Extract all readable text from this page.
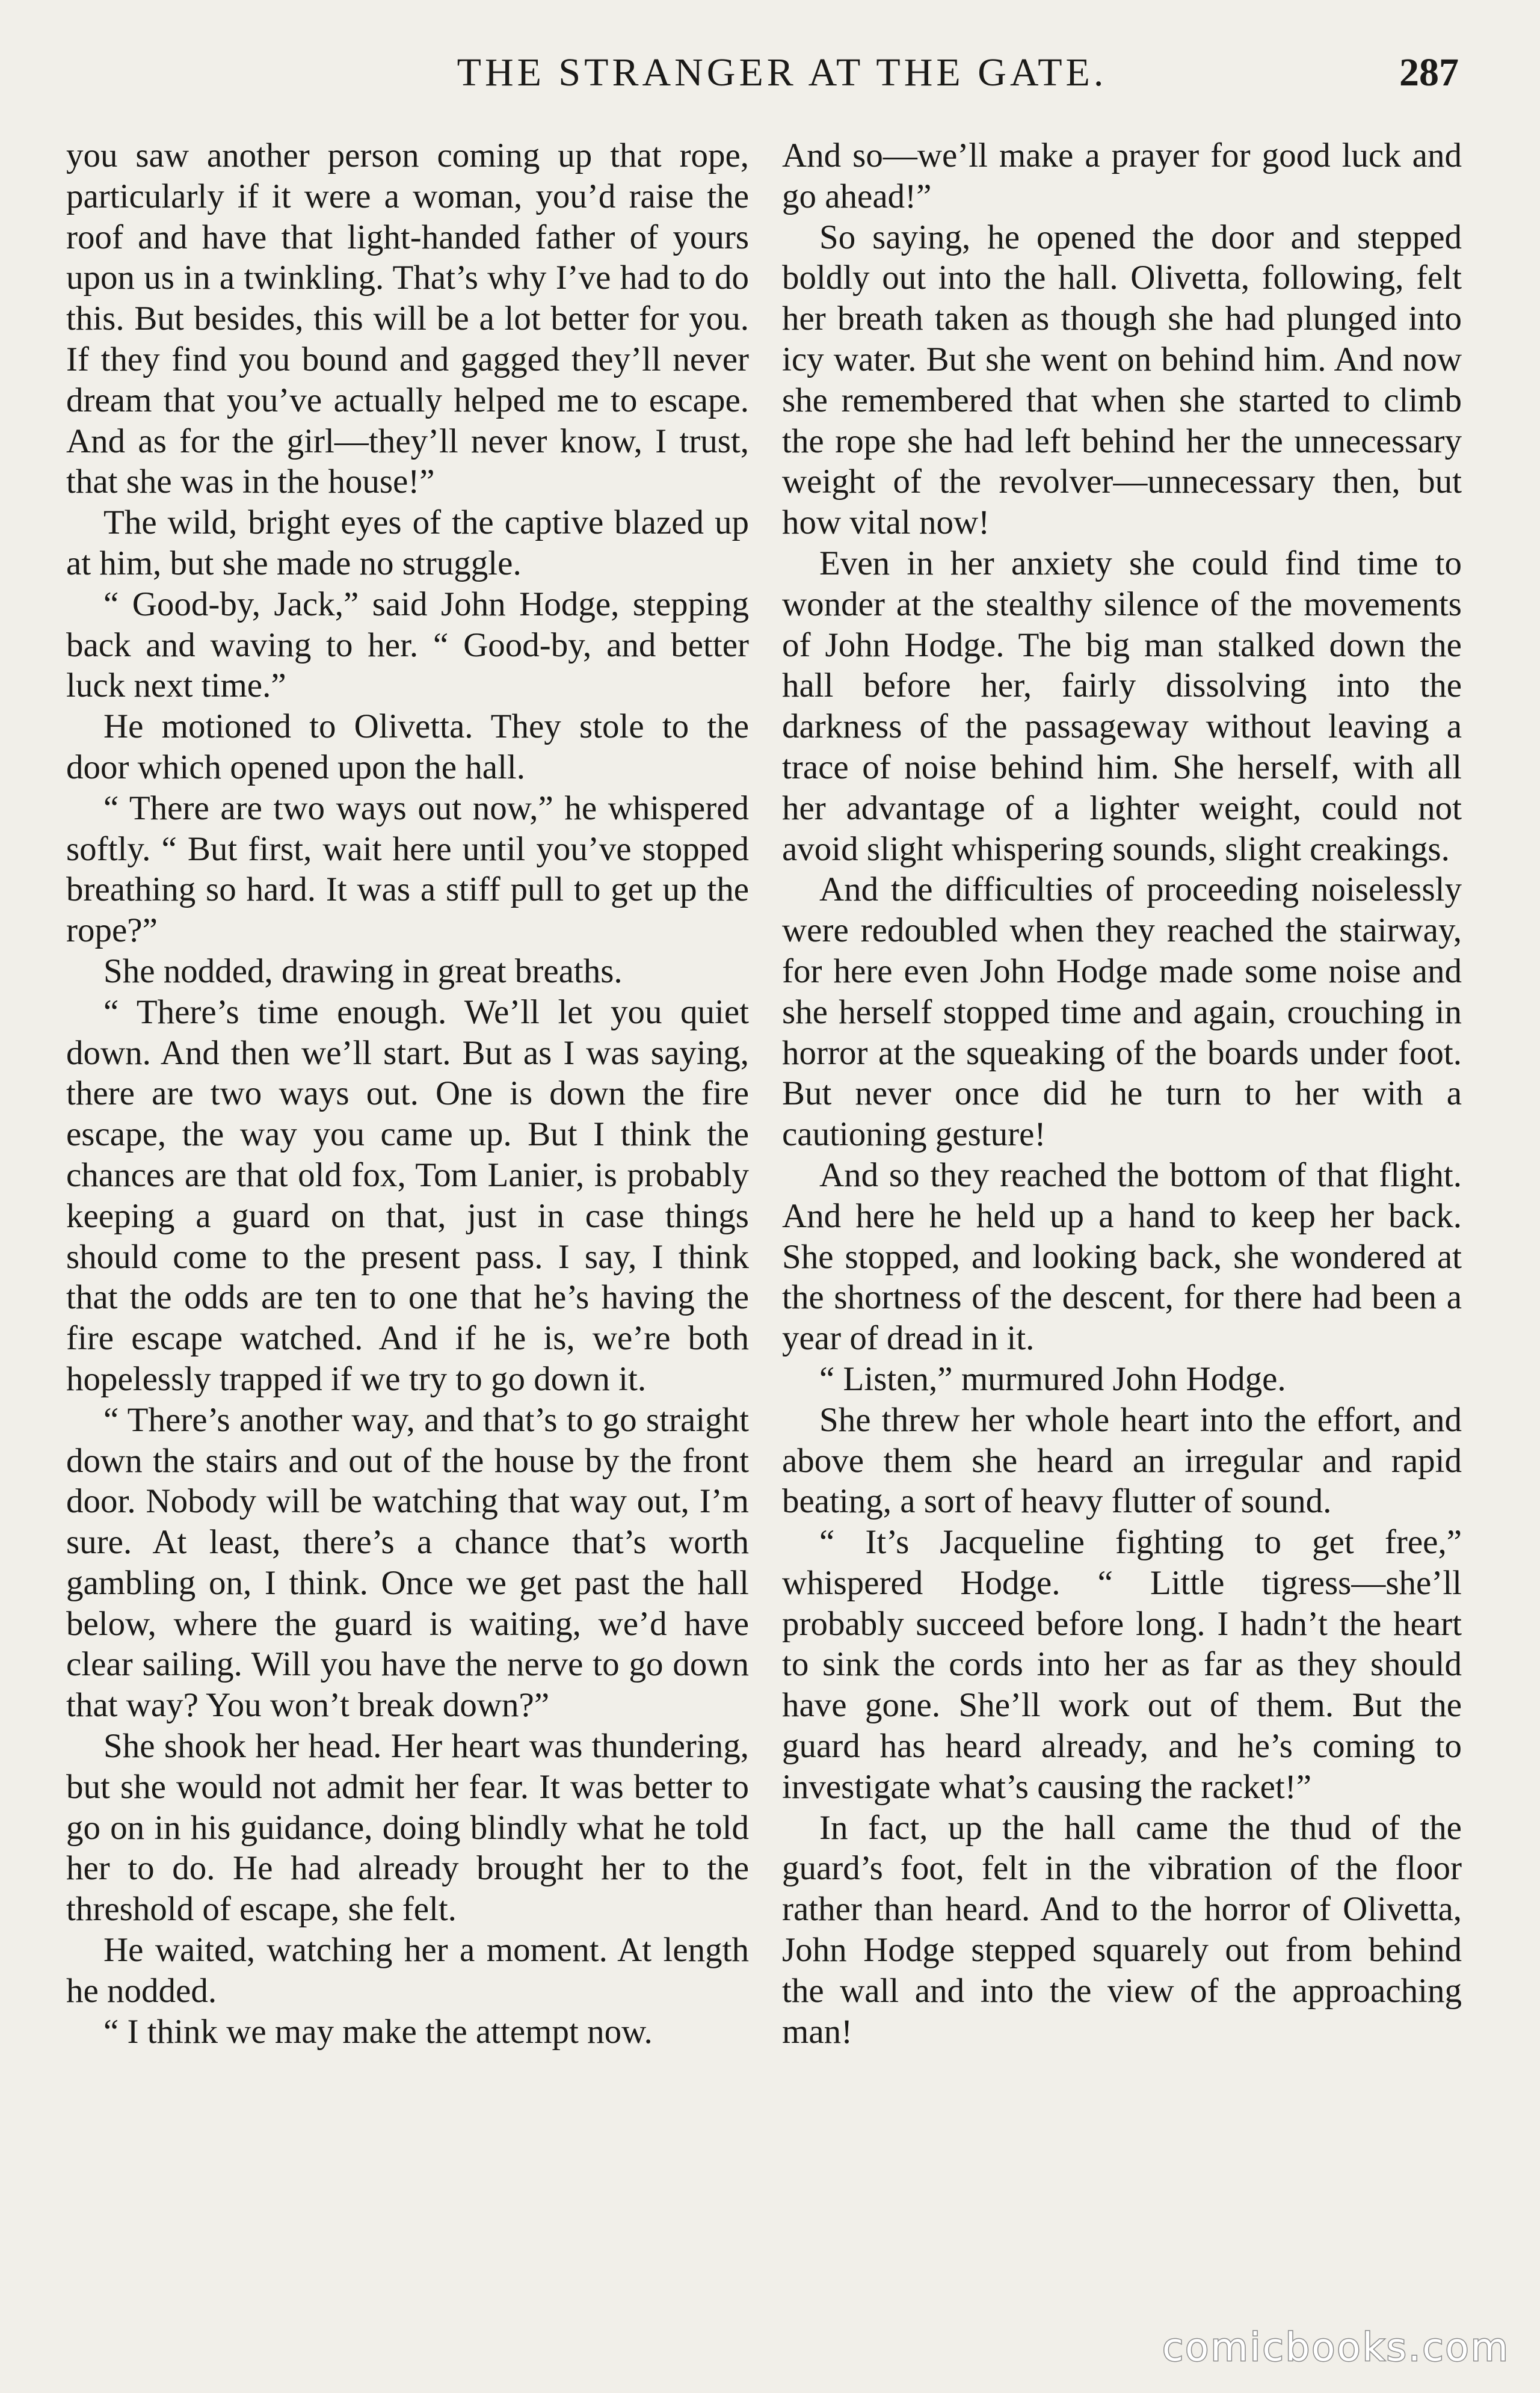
THE STRANGER AT THE GATE.	287

you saw another person coming up that rope, particularly if it were a woman, you’d raise the roof and have that light-handed father of yours upon us in a twinkling. That’s why I’ve had to do this. But besides, this will be a lot better for you. If they find you bound and gagged they’ll never dream that you’ve actually helped me to escape. And as for the girl—they’ll never know, I trust, that she was in the house!”

The wild, bright eyes of the captive blazed up at him, but she made no struggle.

“ Good-by, Jack,” said John Hodge, stepping back and waving to her. “ Good-by, and better luck next time.”

He motioned to Olivetta. They stole to the door which opened upon the hall.

“ There are two ways out now,” he whispered softly. “ But first, wait here until you’ve stopped breathing so hard. It was a stiff pull to get up the rope?”

She nodded, drawing in great breaths.

“ There’s time enough. We’ll let you quiet down. And then we’ll start. But as I was saying, there are two ways out. One is down the fire escape, the way you came up. But I think the chances are that old fox, Tom Lanier, is probably keeping a guard on that, just in case things should come to the present pass. I say, I think that the odds are ten to one that he’s having the fire escape watched. And if he is, we’re both hopelessly trapped if we try to go down it.

“ There’s another way, and that’s to go straight down the stairs and out of the house by the front door. Nobody will be watching that way out, I’m sure. At least, there’s a chance that’s worth gambling on, I think. Once we get past the hall below, where the guard is waiting, we’d have clear sailing. Will you have the nerve to go down that way? You won’t break down?”

She shook her head. Her heart was thundering, but she would not admit her fear. It was better to go on in his guidance, doing blindly what he told her to do. He had already brought her to the threshold of escape, she felt.

He waited, watching her a moment. At length he nodded.

“ I think we may make the attempt now.

And so—we’ll make a prayer for good luck and go ahead!”

So saying, he opened the door and stepped boldly out into the hall. Olivetta, following, felt her breath taken as though she had plunged into icy water. But she went on behind him. And now she remembered that when she started to climb the rope she had left behind her the unnecessary weight of the revolver—unnecessary then, but how vital now!

Even in her anxiety she could find time to wonder at the stealthy silence of the movements of John Hodge. The big man stalked down the hall before her, fairly dissolving into the darkness of the passageway without leaving a trace of noise behind him. She herself, with all her advantage of a lighter weight, could not avoid slight whispering sounds, slight creakings.

And the difficulties of proceeding noiselessly were redoubled when they reached the stairway, for here even John Hodge made some noise and she herself stopped time and again, crouching in horror at the squeaking of the boards under foot. But never once did he turn to her with a cautioning gesture!

And so they reached the bottom of that flight. And here he held up a hand to keep her back. She stopped, and looking back, she wondered at the shortness of the descent, for there had been a year of dread in it.

“ Listen,” murmured John Hodge.

She threw her whole heart into the effort, and above them she heard an irregular and rapid beating, a sort of heavy flutter of sound.

“ It’s Jacqueline fighting to get free,” whispered Hodge. “ Little tigress—she’ll probably succeed before long. I hadn’t the heart to sink the cords into her as far as they should have gone. She’ll work out of them. But the guard has heard already, and he’s coming to investigate what’s causing the racket!”

In fact, up the hall came the thud of the guard’s foot, felt in the vibration of the floor rather than heard. And to the horror of Olivetta, John Hodge stepped squarely out from behind the wall and into the view of the approaching man!

comicbooks.com
